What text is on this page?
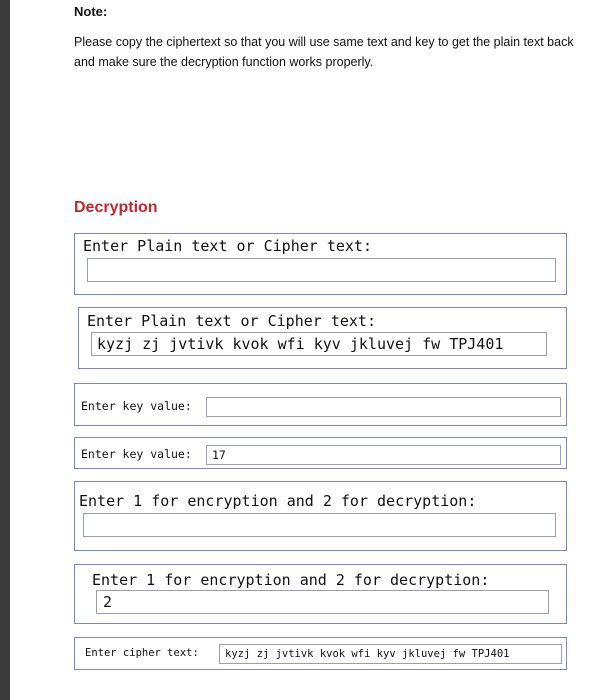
Note:
Please copy the ciphertext so that you will use same text and key to get the plain text back and make sure the decryption function works properly.
Decryption
Enter Plain text or Cipher text:
Enter Plain text or Cipher text:
kyzj zj jvtivk kvok wfi kyv jkluvej fw TPJ401
Enter key value:
Enter key value:	17
Enter 1 for encryption and 2 for decryption:
Enter 1 for encryption and 2 for decryption:
2
Enter cipher text:	kyzj zj jvtivk kvok wfi kyv jkluvej fw TPJ401
